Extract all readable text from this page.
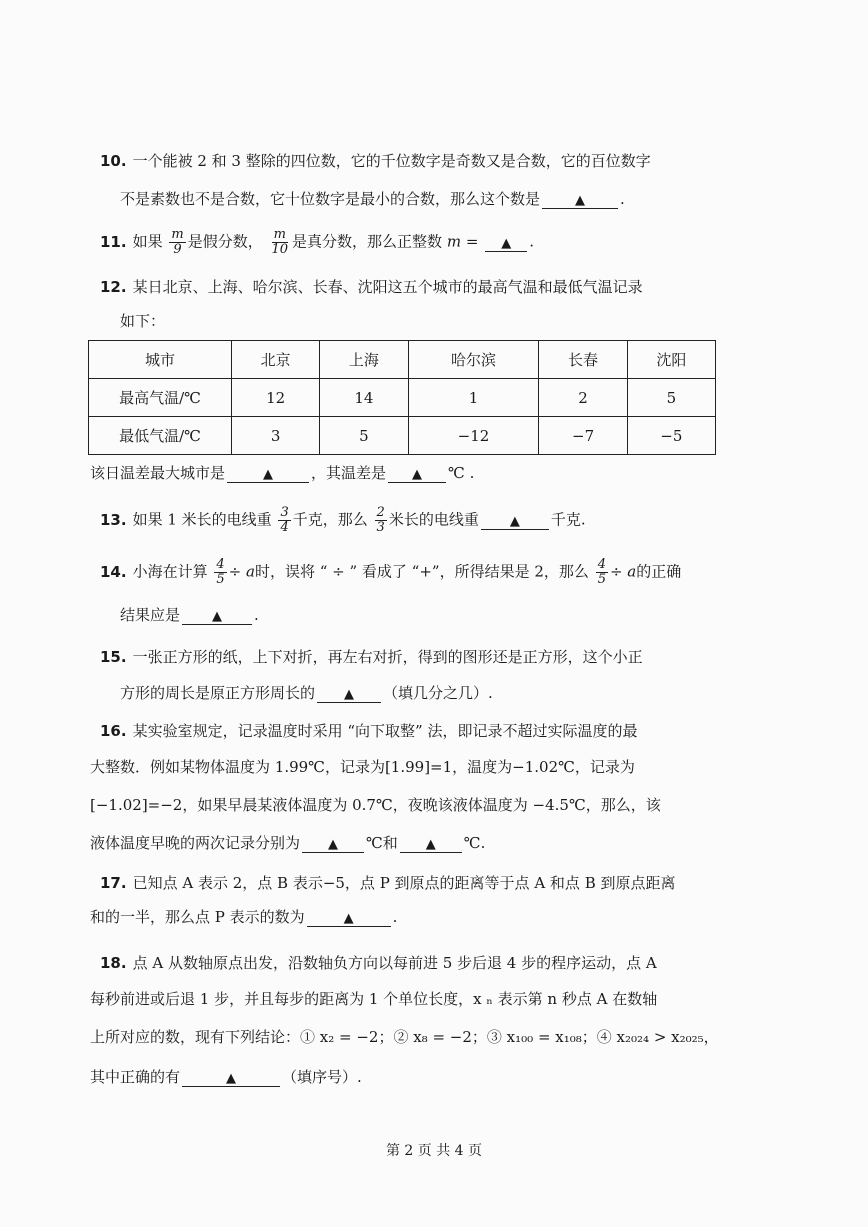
10. 一个能被 2 和 3 整除的四位数，它的千位数字是奇数又是合数，它的百位数字
不是素数也不是合数，它十位数字是最小的合数，那么这个数是	▲ .
11. 如果 $\frac{m}{9}$ 是假分数， $\frac{m}{10}$ 是真分数，那么正整数 m = ▲ .
12. 某日北京、上海、哈尔滨、长春、沈阳这五个城市的最高气温和最低气温记录
如下：
城市	北京	上海	哈尔滨	长春	沈阳
最高气温/℃	12	14	1	2	5
最低气温/℃	3	5	−12	−7	−5
该日温差最大城市是	▲	，其温差是 ▲ ℃ .
13. 如果 1 米长的电线重 $\frac{3}{4}$ 千克，那么 $\frac{2}{3}$ 米长的电线重 ▲ 千克.
14. 小海在计算 $\frac{4}{5} \div a$时，误将 “ ÷ ” 看成了 “+”，所得结果是 2，那么 $\frac{4}{5} \div a$的正确
结果应是 ▲ .
15. 一张正方形的纸，上下对折，再左右对折，得到的图形还是正方形，这个小正
方形的周长是原正方形周长的 ▲ （填几分之几）.
16. 某实验室规定，记录温度时采用 “向下取整” 法，即记录不超过实际温度的最
大整数．例如某物体温度为 1.99℃，记录为[1.99]=1，温度为−1.02℃，记录为
[−1.02]=−2，如果早晨某液体温度为 0.7℃，夜晚该液体温度为 −4.5℃，那么，该
液体温度早晚的两次记录分别为 ▲ ℃和 ▲ ℃.
17. 已知点 A 表示 2，点 B 表示−5，点 P 到原点的距离等于点 A 和点 B 到原点距离
和的一半，那么点 P 表示的数为	▲	.
18. 点 A 从数轴原点出发，沿数轴负方向以每前进 5 步后退 4 步的程序运动，点 A
每秒前进或后退 1 步，并且每步的距离为 1 个单位长度，x ₙ 表示第 n 秒点 A 在数轴
上所对应的数，现有下列结论：① x₂ = −2；② x₈ = −2；③ x₁₀₀ = x₁₀₈；④ x₂₀₂₄ > x₂₀₂₅，
其中正确的有	▲	（填序号）.
第 2 页 共 4 页
